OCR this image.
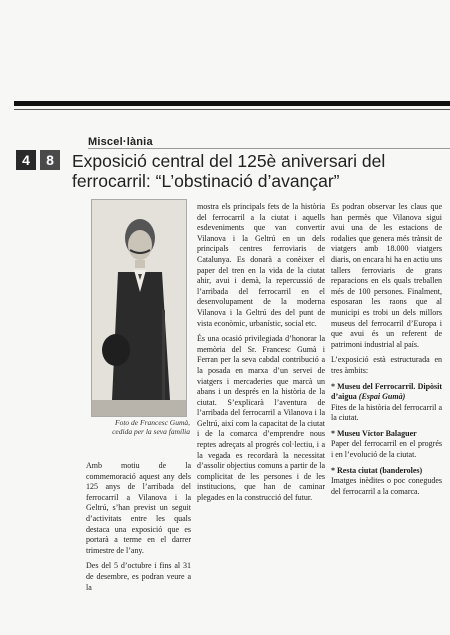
Miscel·lània
4	8	Exposició central del 125è aniversari del ferrocarril: “L’obstinació d’avançar”
Foto de Francesc Gumà,
cedida per la seva família

Amb motiu de la commemoració aquest any dels 125 anys de l’arribada del ferrocarril a Vilanova i la Geltrú, s’han previst un seguit d’activitats entre les quals destaca una exposició que es portarà a terme en el darrer trimestre de l’any.

Des del 5 d’octubre i fins al 31 de desembre, es podran veure a la

mostra els principals fets de la història del ferrocarril a la ciutat i aquells esdeveniments que van convertir Vilanova i la Geltrú en un dels principals centres ferroviaris de Catalunya. Es donarà a conèixer el paper del tren en la vida de la ciutat ahir, avui i demà, la repercussió de l’arribada del ferrocarril en el desenvolupament de la moderna Vilanova i la Geltrú des del punt de vista econòmic, urbanístic, social etc.

És una ocasió privilegiada d’honorar la memòria del Sr. Francesc Gumà i Ferran per la seva cabdal contribució a la posada en marxa d’un servei de viatgers i mercaderies que marcà un abans i un després en la història de la ciutat. S’explicarà l’aventura de l’arribada del ferrocarril a Vilanova i la Geltrú, així com la capacitat de la ciutat i de la comarca d’emprendre nous reptes adreçats al progrés col·lectiu, i a la vegada es recordarà la necessitat d’assolir objectius comuns a partir de la complicitat de les persones i de les institucions, que han de caminar plegades en la construcció del futur.

Es podran observar les claus que han permès que Vilanova sigui avui una de les estacions de rodalies que genera més trànsit de viatgers amb 18.000 viatgers diaris, on encara hi ha en actiu uns tallers ferroviaris de grans reparacions en els quals treballen més de 100 persones. Finalment, esposaran les raons que al municipi es trobi un dels millors museus del ferrocarril d’Europa i que avui és un referent de patrimoni industrial al país.

L’exposició està estructurada en tres àmbits:

* Museu del Ferrocarril. Dipòsit d’aigua (Espai Gumà)
Fites de la història del ferrocarril a la ciutat.

* Museu Víctor Balaguer
Paper del ferrocarril en el progrés i en l’evolució de la ciutat.

* Resta ciutat (banderoles)
Imatges inèdites o poc conegudes del ferrocarril a la comarca.
